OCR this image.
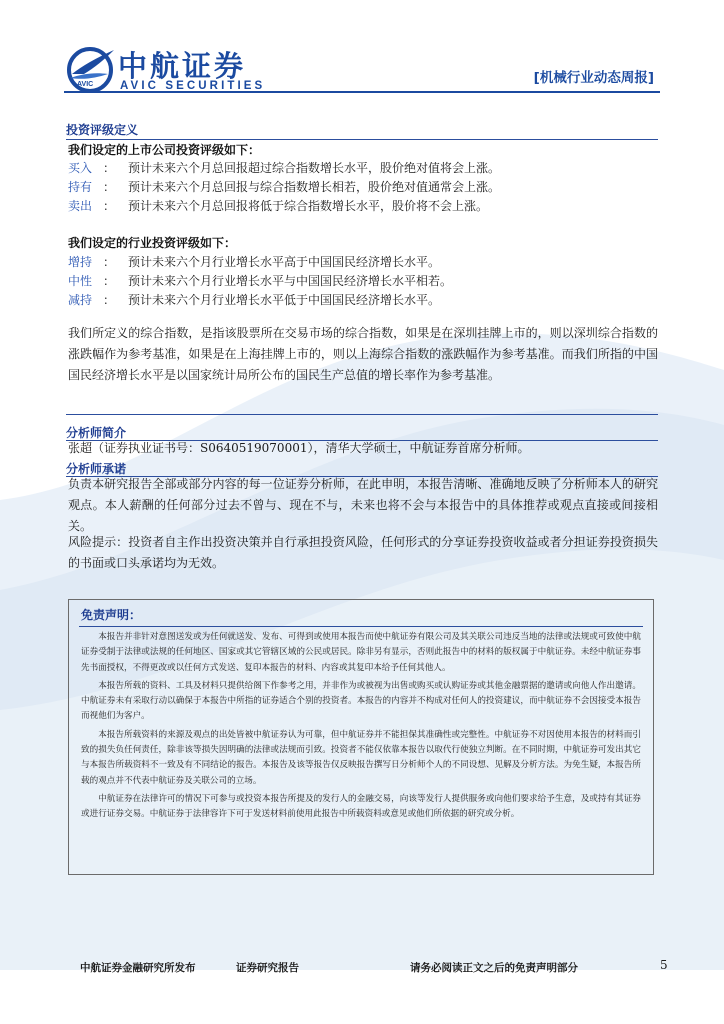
AVIC
中航证券
AVIC SECURITIES	[机械行业动态周报]
投资评级定义
我们设定的上市公司投资评级如下：
买入 ： 预计未来六个月总回报超过综合指数增长水平，股价绝对值将会上涨。
持有 ： 预计未来六个月总回报与综合指数增长相若，股价绝对值通常会上涨。
卖出 ： 预计未来六个月总回报将低于综合指数增长水平，股价将不会上涨。
我们设定的行业投资评级如下：
增持 ： 预计未来六个月行业增长水平高于中国国民经济增长水平。
中性 ： 预计未来六个月行业增长水平与中国国民经济增长水平相若。
减持 ： 预计未来六个月行业增长水平低于中国国民经济增长水平。
我们所定义的综合指数，是指该股票所在交易市场的综合指数，如果是在深圳挂牌上市的，则以深圳综合指数的涨跌幅作为参考基准，如果是在上海挂牌上市的，则以上海综合指数的涨跌幅作为参考基准。而我们所指的中国国民经济增长水平是以国家统计局所公布的国民生产总值的增长率作为参考基准。
分析师简介
张超（证券执业证书号：S0640519070001），清华大学硕士，中航证券首席分析师。
分析师承诺
负责本研究报告全部或部分内容的每一位证券分析师，在此申明，本报告清晰、准确地反映了分析师本人的研究观点。本人薪酬的任何部分过去不曾与、现在不与，未来也将不会与本报告中的具体推荐或观点直接或间接相关。
风险提示：投资者自主作出投资决策并自行承担投资风险，任何形式的分享证券投资收益或者分担证券投资损失的书面或口头承诺均为无效。
免责声明：

本报告并非针对意图送发或为任何就送发、发布、可得到或使用本报告而使中航证券有限公司及其关联公司违反当地的法律或法规或可致使中航证券受制于法律或法规的任何地区、国家或其它管辖区域的公民或居民。除非另有显示，否则此报告中的材料的版权属于中航证券。未经中航证券事先书面授权，不得更改或以任何方式发送、复印本报告的材料、内容或其复印本给予任何其他人。

本报告所载的资料、工具及材料只提供给阁下作参考之用，并非作为或被视为出售或购买或认购证券或其他金融票据的邀请或向他人作出邀请。中航证券未有采取行动以确保于本报告中所指的证券适合个别的投资者。本报告的内容并不构成对任何人的投资建议，而中航证券不会因接受本报告而视他们为客户。

本报告所载资料的来源及观点的出处皆被中航证券认为可靠，但中航证券并不能担保其准确性或完整性。中航证券不对因使用本报告的材料而引致的损失负任何责任，除非该等损失因明确的法律或法规而引致。投资者不能仅依靠本报告以取代行使独立判断。在不同时期，中航证券可发出其它与本报告所载资料不一致及有不同结论的报告。本报告及该等报告仅反映报告撰写日分析师个人的不同设想、见解及分析方法。为免生疑，本报告所载的观点并不代表中航证券及关联公司的立场。

中航证券在法律许可的情况下可参与或投资本报告所提及的发行人的金融交易，向该等发行人提供服务或向他们要求给予生意，及或持有其证券或进行证券交易。中航证券于法律容许下可于发送材料前使用此报告中所载资料或意见或他们所依据的研究或分析。

中航证券金融研究所发布	证券研究报告	请务必阅读正文之后的免责声明部分	5
